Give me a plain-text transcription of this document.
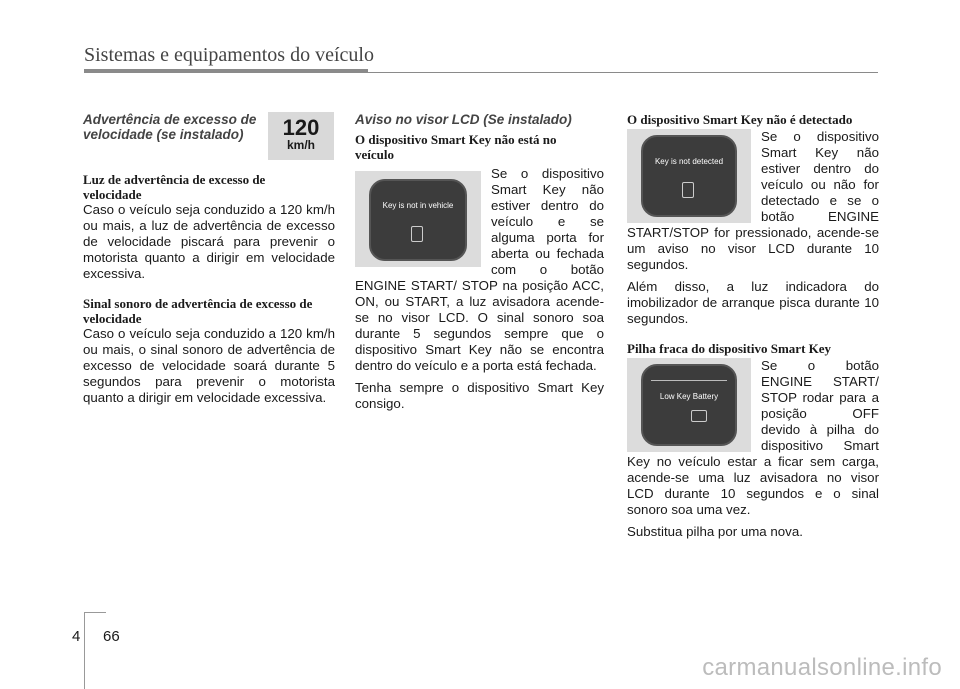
Sistemas e equipamentos do veículo
Advertência de excesso de velocidade (se instalado)
Luz de advertência de excesso de velocidade

Caso o veículo seja conduzido a 120 km/h ou mais, a luz de advertência de excesso de velocidade piscará para prevenir o motorista quanto a dirigir em velocidade excessiva.

Sinal sonoro de advertência de excesso de velocidade

Caso o veículo seja conduzido a 120 km/h ou mais, o sinal sonoro de advertência de excesso de velocidade soará durante 5 segundos para prevenir o motorista quanto a dirigir em velocidade excessiva.

120
km/h
Aviso no visor LCD (Se instalado)
O dispositivo Smart Key não está no veículo
Key is not in vehicle

Se o dispositivo Smart Key não estiver dentro do veículo e se alguma porta for aberta ou fechada com o botão ENGINE START/ STOP na posição ACC, ON, ou START, a luz avisadora acende-se no visor LCD. O sinal sonoro soa durante 5 segundos sempre que o dispositivo Smart Key não se encontra dentro do veículo e a porta está fechada.

Tenha sempre o dispositivo Smart Key consigo.

O dispositivo Smart Key não é detectado
Key is not detected

Se o dispositivo Smart Key não estiver dentro do veículo ou não for detectado e se o botão ENGINE START/STOP for pressionado, acende-se um aviso no visor LCD durante 10 segundos.

Além disso, a luz indicadora do imobilizador de arranque pisca durante 10 segundos.

Pilha fraca do dispositivo Smart Key
Low Key Battery

Se o botão ENGINE START/ STOP rodar para a posição OFF devido à pilha do dispositivo Smart Key no veículo estar a ficar sem carga, acende-se uma luz avisadora no visor LCD durante 10 segundos e o sinal sonoro soa uma vez.

Substitua pilha por uma nova.

4 66
carmanualsonline.info
